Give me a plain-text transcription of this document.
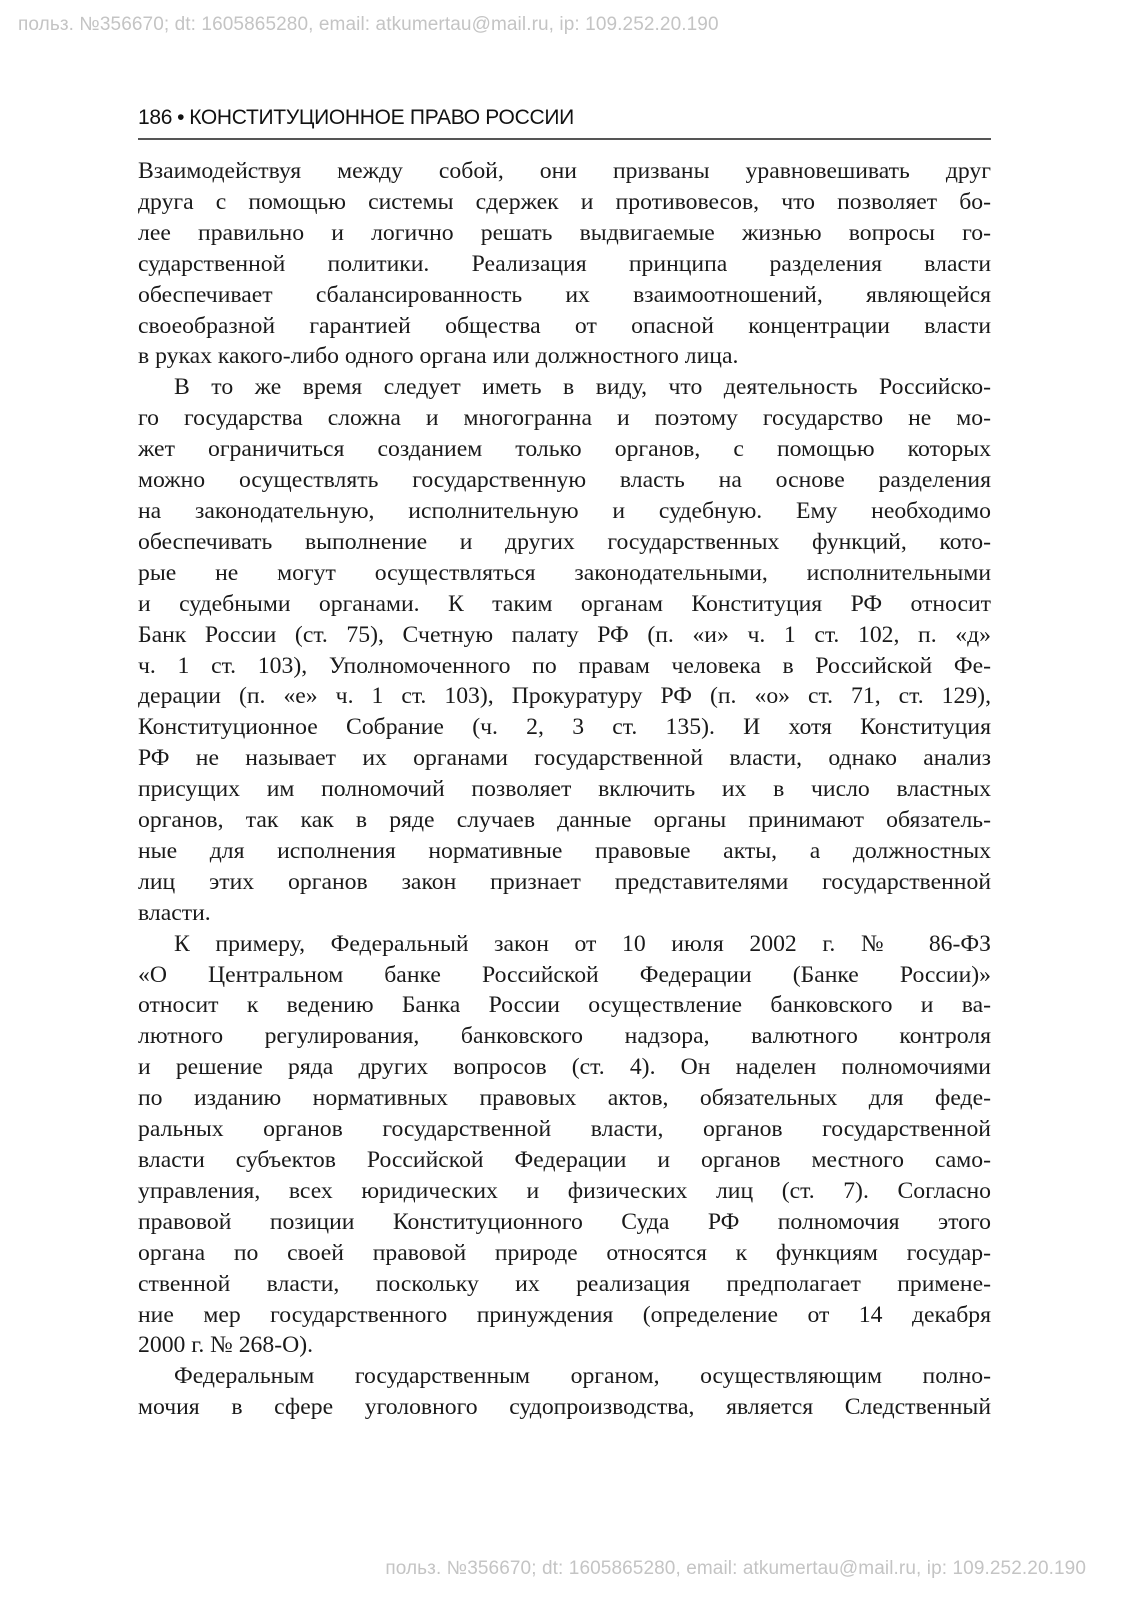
польз. №356670; dt: 1605865280, email: atkumertau@mail.ru, ip: 109.252.20.190
186 • КОНСТИТУЦИОННОЕ ПРАВО РОССИИ
Взаимодействуя между собой, они призваны уравновешивать друг
друга с помощью системы сдержек и противовесов, что позволяет бо-
лее правильно и логично решать выдвигаемые жизнью вопросы го-
сударственной политики. Реализация принципа разделения власти
обеспечивает сбалансированность их взаимоотношений, являющейся
своеобразной гарантией общества от опасной концентрации власти
в руках какого-либо одного органа или должностного лица.
В то же время следует иметь в виду, что деятельность Российско-
го государства сложна и многогранна и поэтому государство не мо-
жет ограничиться созданием только органов, с помощью которых
можно осуществлять государственную власть на основе разделения
на законодательную, исполнительную и судебную. Ему необходимо
обеспечивать выполнение и других государственных функций, кото-
рые не могут осуществляться законодательными, исполнительными
и судебными органами. К таким органам Конституция РФ относит
Банк России (ст. 75), Счетную палату РФ (п. «и» ч. 1 ст. 102, п. «д»
ч. 1 ст. 103), Уполномоченного по правам человека в Российской Фе-
дерации (п. «е» ч. 1 ст. 103), Прокуратуру РФ (п. «о» ст. 71, ст. 129),
Конституционное Собрание (ч. 2, 3 ст. 135). И хотя Конституция
РФ не называет их органами государственной власти, однако анализ
присущих им полномочий позволяет включить их в число властных
органов, так как в ряде случаев данные органы принимают обязатель-
ные для исполнения нормативные правовые акты, а должностных
лиц этих органов закон признает представителями государственной
власти.
К примеру, Федеральный закон от 10 июля 2002 г. № 86-ФЗ
«О Центральном банке Российской Федерации (Банке России)»
относит к ведению Банка России осуществление банковского и ва-
лютного регулирования, банковского надзора, валютного контроля
и решение ряда других вопросов (ст. 4). Он наделен полномочиями
по изданию нормативных правовых актов, обязательных для феде-
ральных органов государственной власти, органов государственной
власти субъектов Российской Федерации и органов местного само-
управления, всех юридических и физических лиц (ст. 7). Согласно
правовой позиции Конституционного Суда РФ полномочия этого
органа по своей правовой природе относятся к функциям государ-
ственной власти, поскольку их реализация предполагает примене-
ние мер государственного принуждения (определение от 14 декабря
2000 г. № 268-О).
Федеральным государственным органом, осуществляющим полно-
мочия в сфере уголовного судопроизводства, является Следственный
польз. №356670; dt: 1605865280, email: atkumertau@mail.ru, ip: 109.252.20.190
